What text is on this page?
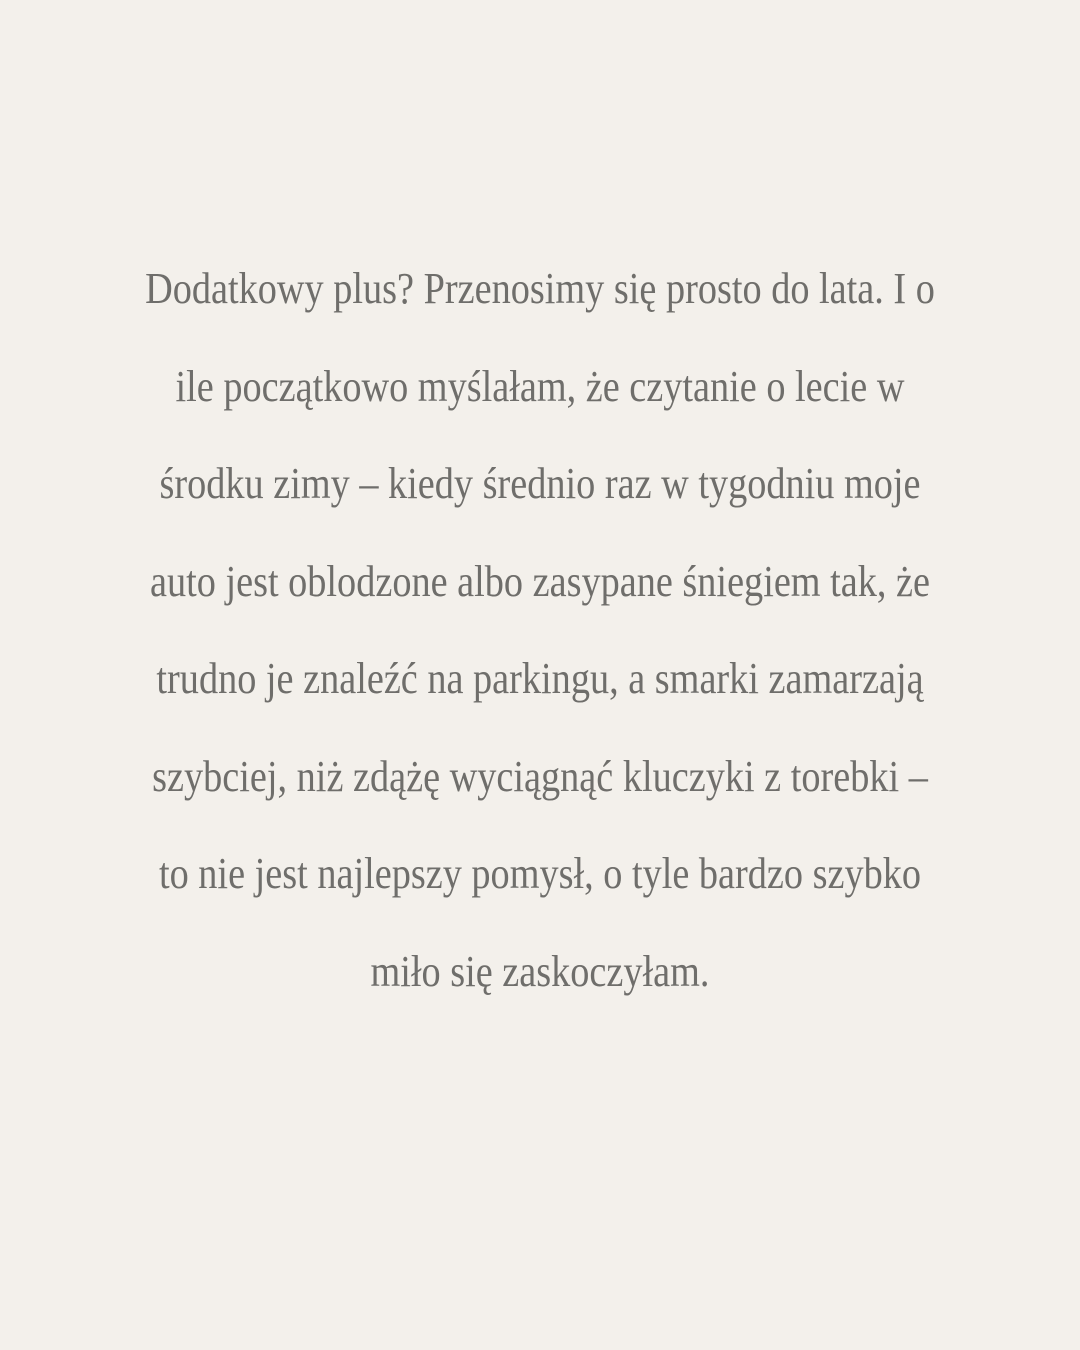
Dodatkowy plus? Przenosimy się prosto do lata. I o
ile początkowo myślałam, że czytanie o lecie w
środku zimy – kiedy średnio raz w tygodniu moje
auto jest oblodzone albo zasypane śniegiem tak, że
trudno je znaleźć na parkingu, a smarki zamarzają
szybciej, niż zdążę wyciągnąć kluczyki z torebki –
to nie jest najlepszy pomysł, o tyle bardzo szybko
miło się zaskoczyłam.
